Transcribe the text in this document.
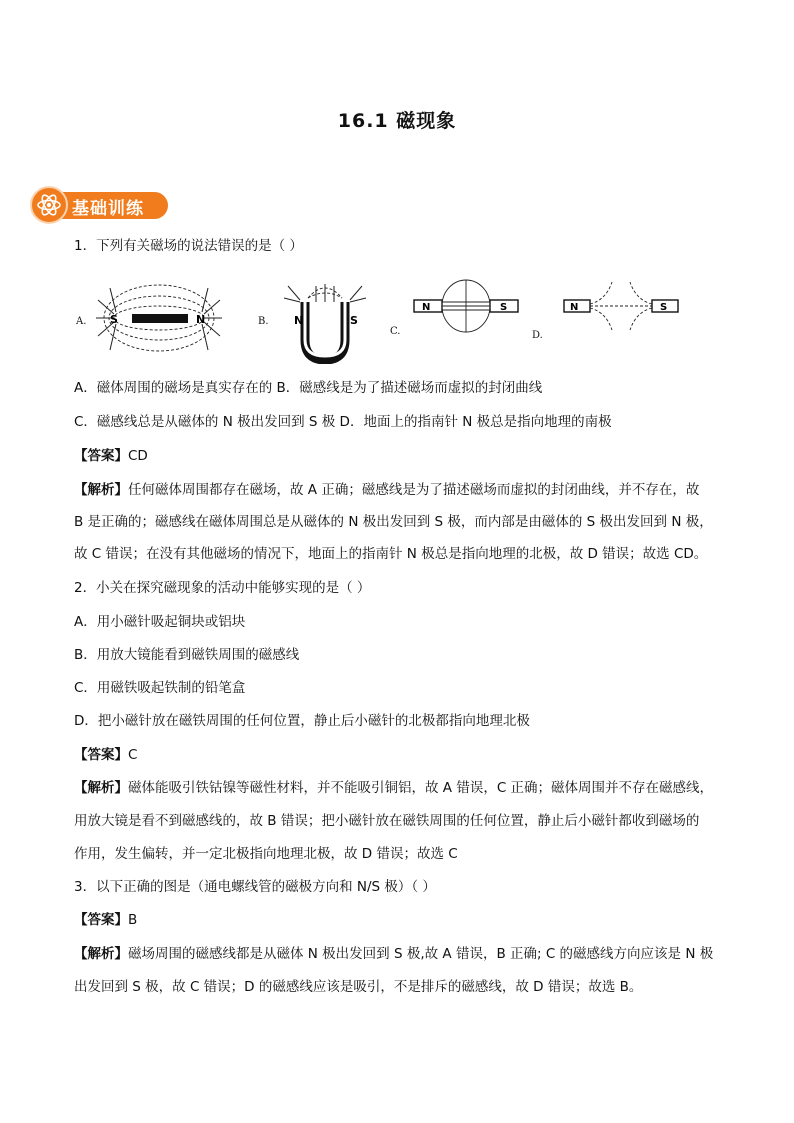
16.1 磁现象
基础训练
1．下列有关磁场的说法错误的是（ ）
S	N
A.	N	S
B.
N	S
C.
N	S
D.
A．磁体周围的磁场是真实存在的 B．磁感线是为了描述磁场而虚拟的封闭曲线
C．磁感线总是从磁体的 N 极出发回到 S 极 D．地面上的指南针 N 极总是指向地理的南极
【答案】CD
【解析】任何磁体周围都存在磁场，故 A 正确；磁感线是为了描述磁场而虚拟的封闭曲线，并不存在，故
B 是正确的；磁感线在磁体周围总是从磁体的 N 极出发回到 S 极，而内部是由磁体的 S 极出发回到 N 极，
故 C 错误；在没有其他磁场的情况下，地面上的指南针 N 极总是指向地理的北极，故 D 错误；故选 CD。
2．小关在探究磁现象的活动中能够实现的是（ ）
A．用小磁针吸起铜块或铝块
B．用放大镜能看到磁铁周围的磁感线
C．用磁铁吸起铁制的铅笔盒
D．把小磁针放在磁铁周围的任何位置，静止后小磁针的北极都指向地理北极
【答案】C
【解析】磁体能吸引铁钴镍等磁性材料，并不能吸引铜铝，故 A 错误，C 正确；磁体周围并不存在磁感线，
用放大镜是看不到磁感线的，故 B 错误；把小磁针放在磁铁周围的任何位置，静止后小磁针都收到磁场的
作用，发生偏转，并一定北极指向地理北极，故 D 错误；故选 C
3．以下正确的图是（通电螺线管的磁极方向和 N/S 极）（ ）
【答案】B
【解析】磁场周围的磁感线都是从磁体 N 极出发回到 S 极,故 A 错误，B 正确; C 的磁感线方向应该是 N 极
出发回到 S 极，故 C 错误；D 的磁感线应该是吸引，不是排斥的磁感线，故 D 错误；故选 B。
